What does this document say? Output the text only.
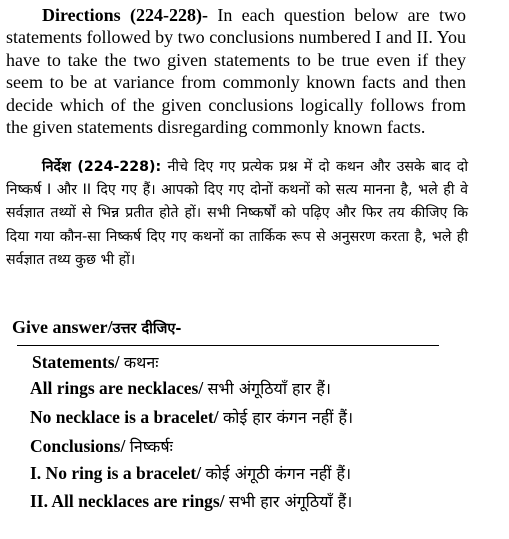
Directions (224-228)- In each question below are two statements followed by two conclusions numbered I and II. You have to take the two given statements to be true even if they seem to be at variance from commonly known facts and then decide which of the given conclusions logically follows from the given statements disregarding commonly known facts.
निर्देश (224-228): नीचे दिए गए प्रत्येक प्रश्न में दो कथन और उसके बाद दो निष्कर्ष I और II दिए गए हैं। आपको दिए गए दोनों कथनों को सत्य मानना है, भले ही वे सर्वज्ञात तथ्यों से भिन्न प्रतीत होते हों। सभी निष्कर्षों को पढ़िए और फिर तय कीजिए कि दिया गया कौन-सा निष्कर्ष दिए गए कथनों का तार्किक रूप से अनुसरण करता है, भले ही सर्वज्ञात तथ्य कुछ भी हों।
Give answer/उत्तर दीजिए-
Statements/ कथनः
All rings are necklaces/ सभी अंगूठियाँ हार हैं।
No necklace is a bracelet/ कोई हार कंगन नहीं हैं।
Conclusions/ निष्कर्षः
I. No ring is a bracelet/ कोई अंगूठी कंगन नहीं हैं।
II. All necklaces are rings/ सभी हार अंगूठियाँ हैं।
